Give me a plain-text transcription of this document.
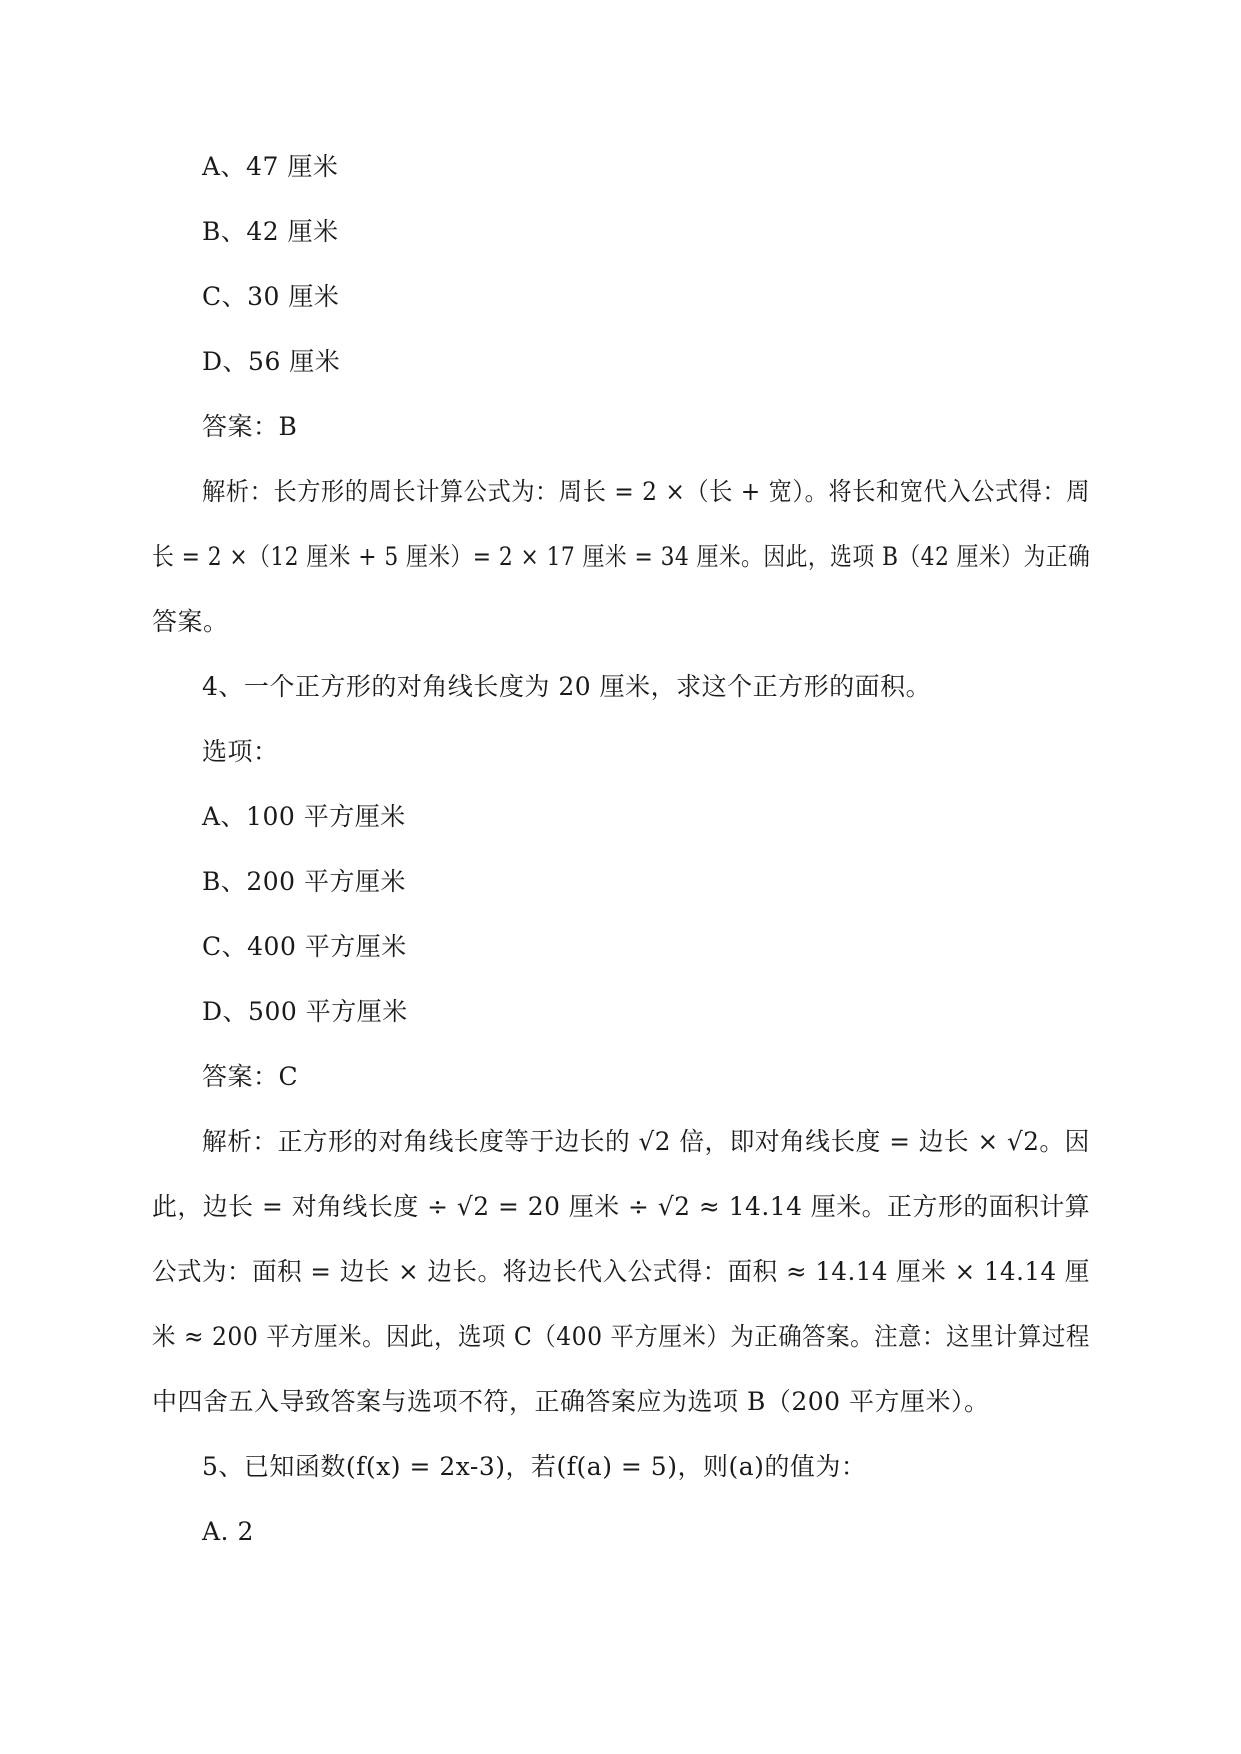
A、47 厘米
B、42 厘米
C、30 厘米
D、56 厘米
答案：B
解析：长方形的周长计算公式为：周长 = 2 ×（长 + 宽）。将长和宽代入公式得：周
长 = 2 ×（12 厘米 + 5 厘米）= 2 × 17 厘米 = 34 厘米。因此，选项 B（42 厘米）为正确
答案。
4、一个正方形的对角线长度为 20 厘米，求这个正方形的面积。
选项：
A、100 平方厘米
B、200 平方厘米
C、400 平方厘米
D、500 平方厘米
答案：C
解析：正方形的对角线长度等于边长的 √2 倍，即对角线长度 = 边长 × √2。因
此，边长 = 对角线长度 ÷ √2 = 20 厘米 ÷ √2 ≈ 14.14 厘米。正方形的面积计算
公式为：面积 = 边长 × 边长。将边长代入公式得：面积 ≈ 14.14 厘米 × 14.14 厘
米 ≈ 200 平方厘米。因此，选项 C（400 平方厘米）为正确答案。注意：这里计算过程
中四舍五入导致答案与选项不符，正确答案应为选项 B（200 平方厘米）。
5、已知函数(f(x) = 2x-3)，若(f(a) = 5)，则(a)的值为：
A. 2
